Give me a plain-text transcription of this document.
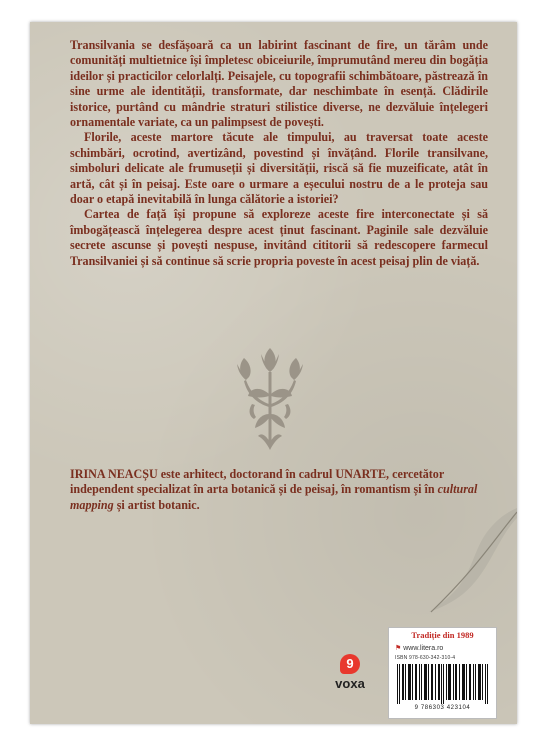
Transilvania se desfășoară ca un labirint fascinant de fire, un tărâm unde comunități multietnice își împletesc obiceiurile, împrumutând mereu din bogăția ideilor și practicilor celorlalți. Peisajele, cu topografii schimbătoare, păstrează în sine urme ale identității, transformate, dar neschimbate în esență. Clădirile istorice, purtând cu mândrie straturi stilistice diverse, ne dezvăluie înțelegeri ornamentale variate, ca un palimpsest de povești.

Florile, aceste martore tăcute ale timpului, au traversat toate aceste schimbări, ocrotind, avertizând, povestind și învățând. Florile transilvane, simboluri delicate ale frumuseții și diversității, riscă să fie muzeificate, atât în artă, cât și în peisaj. Este oare o urmare a eșecului nostru de a le proteja sau doar o etapă inevitabilă în lunga călătorie a istoriei?

Cartea de față își propune să exploreze aceste fire interconectate și să îmbogățească înțelegerea despre acest ținut fascinant. Paginile sale dezvăluie secrete ascunse și povești nespuse, invitând cititorii să redescopere farmecul Transilvaniei și să continue să scrie propria poveste în acest peisaj plin de viață.

IRINA NEACȘU este arhitect, doctorand în cadrul UNARTE, cercetător independent specializat în arta botanică și de peisaj, în romantism și în cultural mapping și artist botanic.
9
voxa
Tradiție din 1989
⚑ www.litera.ro
ISBN 978-630-342-310-4
9 786303 423104
